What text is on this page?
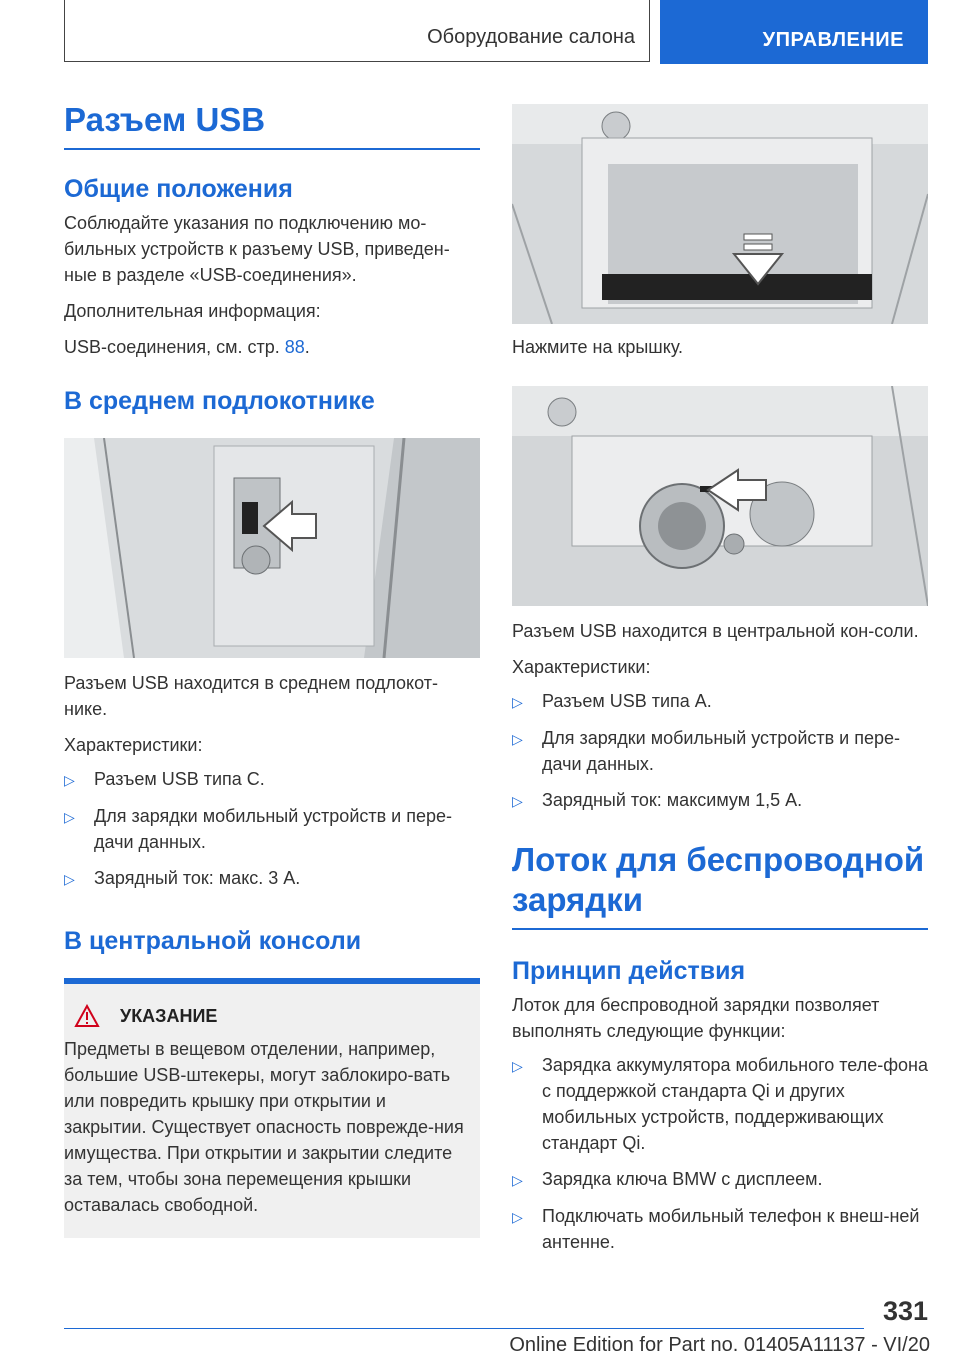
Оборудование салона	УПРАВЛЕНИЕ
Разъем USB
Общие положения

Соблюдайте указания по подключению мо-бильных устройств к разъему USB, приведен-ные в разделе «USB-соединения».

Дополнительная информация:

USB-соединения, см. стр. 88.

В среднем подлокотнике

Разъем USB находится в среднем подлокот-нике.

Характеристики:

▷	Разъем USB типа C.
▷	Для зарядки мобильный устройств и пере-дачи данных.
▷	Зарядный ток: макс. 3 A.
В центральной консоли
УКАЗАНИЕ

Предметы в вещевом отделении, например, большие USB-штекеры, могут заблокиро-вать или повредить крышку при открытии и закрытии. Существует опасность поврежде-ния имущества. При открытии и закрытии следите за тем, чтобы зона перемещения крышки оставалась свободной.

Нажмите на крышку.

Разъем USB находится в центральной кон-соли.

Характеристики:

▷	Разъем USB типа A.
▷	Для зарядки мобильный устройств и пере-дачи данных.
▷	Зарядный ток: максимум 1,5 A.
Лоток для беспроводной зарядки
Принцип действия

Лоток для беспроводной зарядки позволяет выполнять следующие функции:

▷	Зарядка аккумулятора мобильного теле-фона с поддержкой стандарта Qi и других мобильных устройств, поддерживающих стандарт Qi.
▷	Зарядка ключа BMW с дисплеем.
▷	Подключать мобильный телефон к внеш-ней антенне.
331
Online Edition for Part no. 01405A11137 - VI/20
